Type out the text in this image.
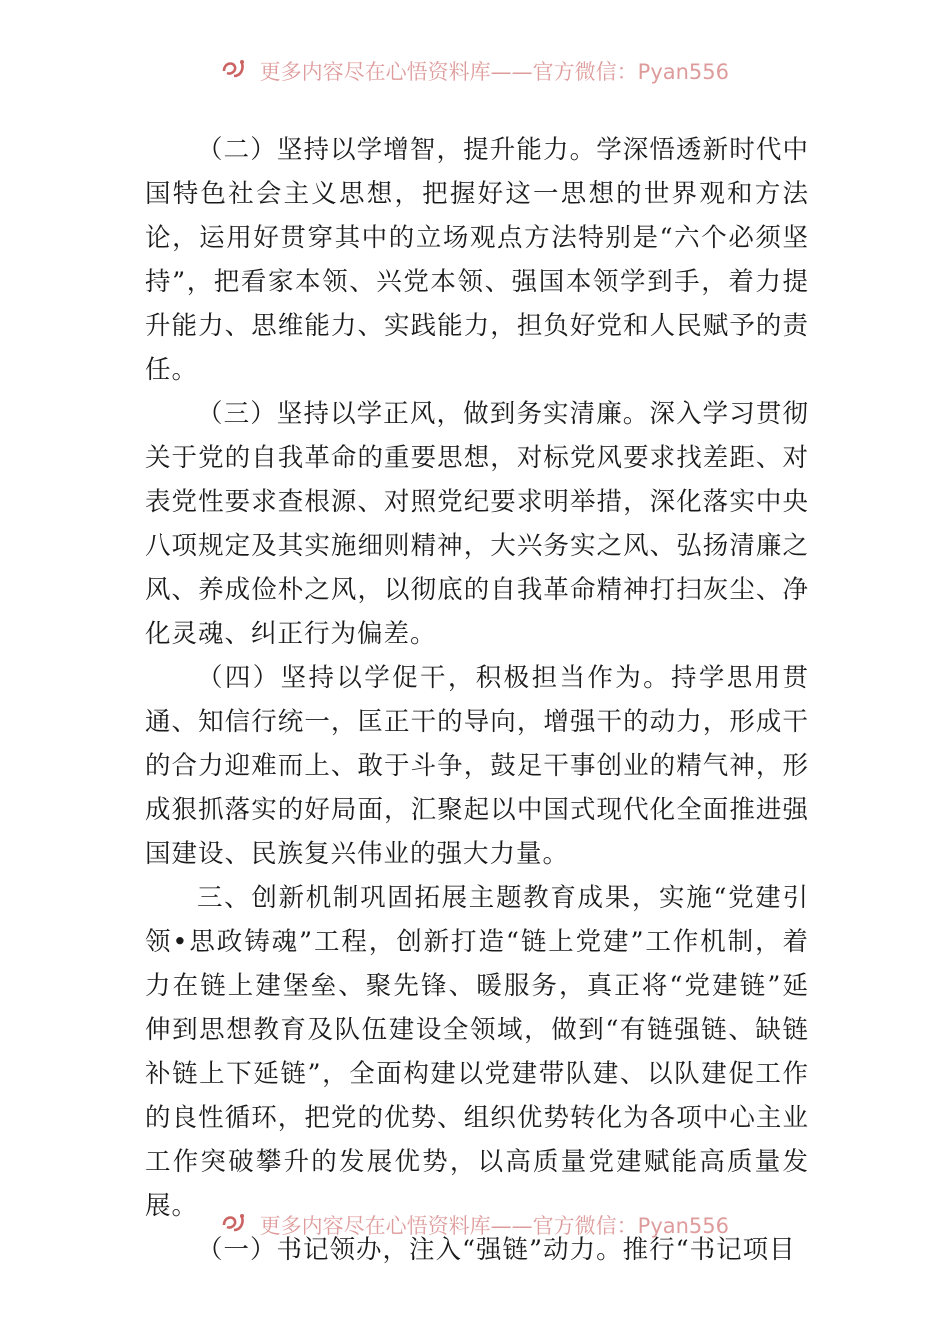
更多内容尽在心悟资料库——官方微信：Pyan556

（二）坚持以学增智，提升能力。学深悟透新时代中国特色社会主义思想，把握好这一思想的世界观和方法论，运用好贯穿其中的立场观点方法特别是“六个必须坚持”，把看家本领、兴党本领、强国本领学到手，着力提升能力、思维能力、实践能力，担负好党和人民赋予的责任。

（三）坚持以学正风，做到务实清廉。深入学习贯彻关于党的自我革命的重要思想，对标党风要求找差距、对表党性要求查根源、对照党纪要求明举措，深化落实中央八项规定及其实施细则精神，大兴务实之风、弘扬清廉之风、养成俭朴之风，以彻底的自我革命精神打扫灰尘、净化灵魂、纠正行为偏差。

（四）坚持以学促干，积极担当作为。持学思用贯通、知信行统一，匡正干的导向，增强干的动力，形成干的合力迎难而上、敢于斗争，鼓足干事创业的精气神，形成狠抓落实的好局面，汇聚起以中国式现代化全面推进强国建设、民族复兴伟业的强大力量。

三、创新机制巩固拓展主题教育成果，实施“党建引领•思政铸魂”工程，创新打造“链上党建”工作机制，着力在链上建堡垒、聚先锋、暖服务，真正将“党建链”延伸到思想教育及队伍建设全领域，做到“有链强链、缺链补链上下延链”，全面构建以党建带队建、以队建促工作的良性循环，把党的优势、组织优势转化为各项中心主业工作突破攀升的发展优势，以高质量党建赋能高质量发展。

（一）书记领办，注入“强链”动力。推行“书记项目

更多内容尽在心悟资料库——官方微信：Pyan556
